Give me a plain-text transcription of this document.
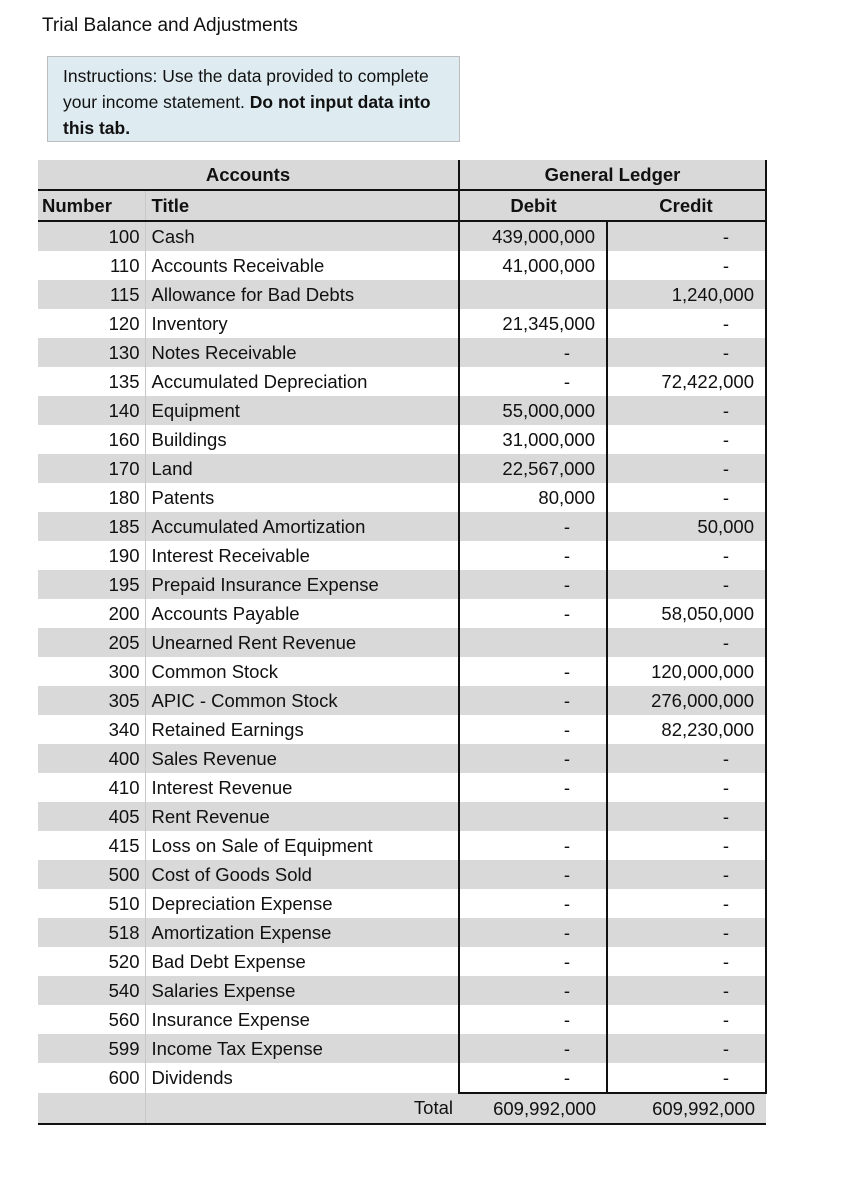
Trial Balance and Adjustments
Instructions: Use the data provided to complete your income statement. Do not input data into this tab.
Accounts		General Ledger	
Number	Title	Debit	Credit
100	Cash	439,000,000	-
110	Accounts Receivable	41,000,000	-
115	Allowance for Bad Debts		1,240,000
120	Inventory	21,345,000	-
130	Notes Receivable	-	-
135	Accumulated Depreciation	-	72,422,000
140	Equipment	55,000,000	-
160	Buildings	31,000,000	-
170	Land	22,567,000	-
180	Patents	80,000	-
185	Accumulated Amortization	-	50,000
190	Interest Receivable	-	-
195	Prepaid Insurance Expense	-	-
200	Accounts Payable	-	58,050,000
205	Unearned Rent Revenue		-
300	Common Stock	-	120,000,000
305	APIC - Common Stock	-	276,000,000
340	Retained Earnings	-	82,230,000
400	Sales Revenue	-	-
410	Interest Revenue	-	-
405	Rent Revenue		-
415	Loss on Sale of Equipment	-	-
500	Cost of Goods Sold	-	-
510	Depreciation Expense	-	-
518	Amortization Expense	-	-
520	Bad Debt Expense	-	-
540	Salaries Expense	-	-
560	Insurance Expense	-	-
599	Income Tax Expense	-	-
600	Dividends	-	-
	Total	609,992,000	609,992,000
